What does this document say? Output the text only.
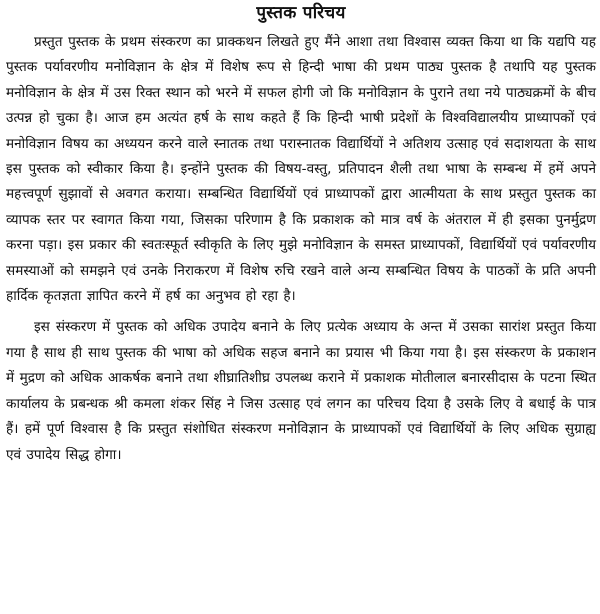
पुस्तक परिचय

प्रस्तुत पुस्तक के प्रथम संस्करण का प्राक्कथन लिखते हुए मैंने आशा तथा विश्वास व्यक्त किया था कि यद्यपि यह पुस्तक पर्यावरणीय मनोविज्ञान के क्षेत्र में विशेष रूप से हिन्दी भाषा की प्रथम पाठ्य पुस्तक है तथापि यह पुस्तक मनोविज्ञान के क्षेत्र में उस रिक्त स्थान को भरने में सफल होगी जो कि मनोविज्ञान के पुराने तथा नये पाठ्यक्रमों के बीच उत्पन्न हो चुका है। आज हम अत्यंत हर्ष के साथ कहते हैं कि हिन्दी भाषी प्रदेशों के विश्वविद्यालयीय प्राध्यापकों एवं मनोविज्ञान विषय का अध्ययन करने वाले स्नातक तथा परास्नातक विद्यार्थियों ने अतिशय उत्साह एवं सदाशयता के साथ इस पुस्तक को स्वीकार किया है। इन्होंने पुस्तक की विषय-वस्तु, प्रतिपादन शैली तथा भाषा के सम्बन्ध में हमें अपने महत्त्वपूर्ण सुझावों से अवगत कराया। सम्बन्धित विद्यार्थियों एवं प्राध्यापकों द्वारा आत्मीयता के साथ प्रस्तुत पुस्तक का व्यापक स्तर पर स्वागत किया गया, जिसका परिणाम है कि प्रकाशक को मात्र वर्ष के अंतराल में ही इसका पुनर्मुद्रण करना पड़ा। इस प्रकार की स्वतःस्फूर्त स्वीकृति के लिए मुझे मनोविज्ञान के समस्त प्राध्यापकों, विद्यार्थियों एवं पर्यावरणीय समस्याओं को समझने एवं उनके निराकरण में विशेष रुचि रखने वाले अन्य सम्बन्धित विषय के पाठकों के प्रति अपनी हार्दिक कृतज्ञता ज्ञापित करने में हर्ष का अनुभव हो रहा है।

इस संस्करण में पुस्तक को अधिक उपादेय बनाने के लिए प्रत्येक अध्याय के अन्त में उसका सारांश प्रस्तुत किया गया है साथ ही साथ पुस्तक की भाषा को अधिक सहज बनाने का प्रयास भी किया गया है। इस संस्करण के प्रकाशन में मुद्रण को अधिक आकर्षक बनाने तथा शीघ्रातिशीघ्र उपलब्ध कराने में प्रकाशक मोतीलाल बनारसीदास के पटना स्थित कार्यालय के प्रबन्धक श्री कमला शंकर सिंह ने जिस उत्साह एवं लगन का परिचय दिया है उसके लिए वे बधाई के पात्र हैं। हमें पूर्ण विश्वास है कि प्रस्तुत संशोधित संस्करण मनोविज्ञान के प्राध्यापकों एवं विद्यार्थियों के लिए अधिक सुग्राह्य एवं उपादेय सिद्ध होगा।
